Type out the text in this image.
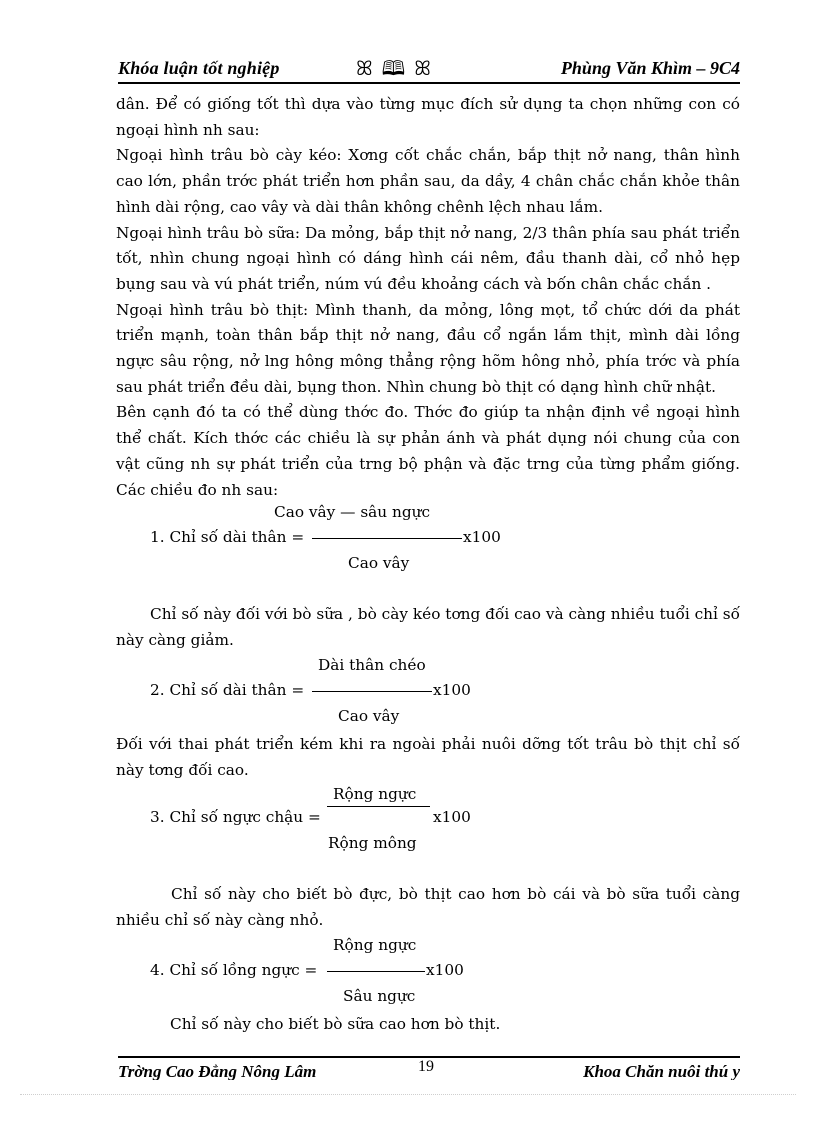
Khóa luận tốt nghiệp	ꕤ 🕮 ꕤ	Phùng Văn Khìm – 9C4

dân. Để có giống tốt thì dựa vào từng mục đích sử dụng ta chọn những con có ngoại hình nh sau:

Ngoại hình trâu bò cày kéo: Xơng cốt chắc chắn, bắp thịt nở nang, thân hình cao lớn, phần trớc phát triển hơn phần sau, da dầy, 4 chân chắc chắn khỏe thân hình dài rộng, cao vây và dài thân không chênh lệch nhau lắm.

Ngoại hình trâu bò sữa: Da mỏng, bắp thịt nở nang, 2/3 thân phía sau phát triển tốt, nhìn chung ngoại hình có dáng hình cái nêm, đầu thanh dài, cổ nhỏ hẹp bụng sau và vú phát triển, núm vú đều khoảng cách và bốn chân chắc chắn .

Ngoại hình trâu bò thịt: Mình thanh, da mỏng, lông mọt, tổ chức dới da phát triển mạnh, toàn thân bắp thịt nở nang, đầu cổ ngắn lắm thịt, mình dài lồng ngực sâu rộng, nở lng hông mông thẳng rộng hõm hông nhỏ, phía trớc và phía sau phát triển đều dài, bụng thon. Nhìn chung bò thịt có dạng hình chữ nhật.

Bên cạnh đó ta có thể dùng thớc đo. Thớc đo giúp ta nhận định về ngoại hình thể chất. Kích thớc các chiều là sự phản ánh và phát dụng nói chung của con vật cũng nh sự phát triển của trng bộ phận và đặc trng của từng phẩm giống. Các chiều đo nh sau:

Cao vây — sâu ngực
1. Chỉ số dài thân =	x100
Cao vây

Chỉ số này đối với bò sữa , bò cày kéo tơng đối cao và càng nhiều tuổi chỉ số này càng giảm.

Dài thân chéo
2. Chỉ số dài thân =	x100
Cao vây

Đối với thai phát triển kém khi ra ngoài phải nuôi dỡng tốt trâu bò thịt chỉ số này tơng đối cao.

Rộng ngực
3. Chỉ số ngực chậu =	x100
Rộng mông

Chỉ số này cho biết bò đực, bò thịt cao hơn bò cái và bò sữa tuổi càng nhiều chỉ số này càng nhỏ.

Rộng ngực
4. Chỉ số lồng ngực =	x100
Sâu ngực

Chỉ số này cho biết bò sữa cao hơn bò thịt.

Trờng Cao Đẳng Nông Lâm	19	Khoa Chăn nuôi thú y
